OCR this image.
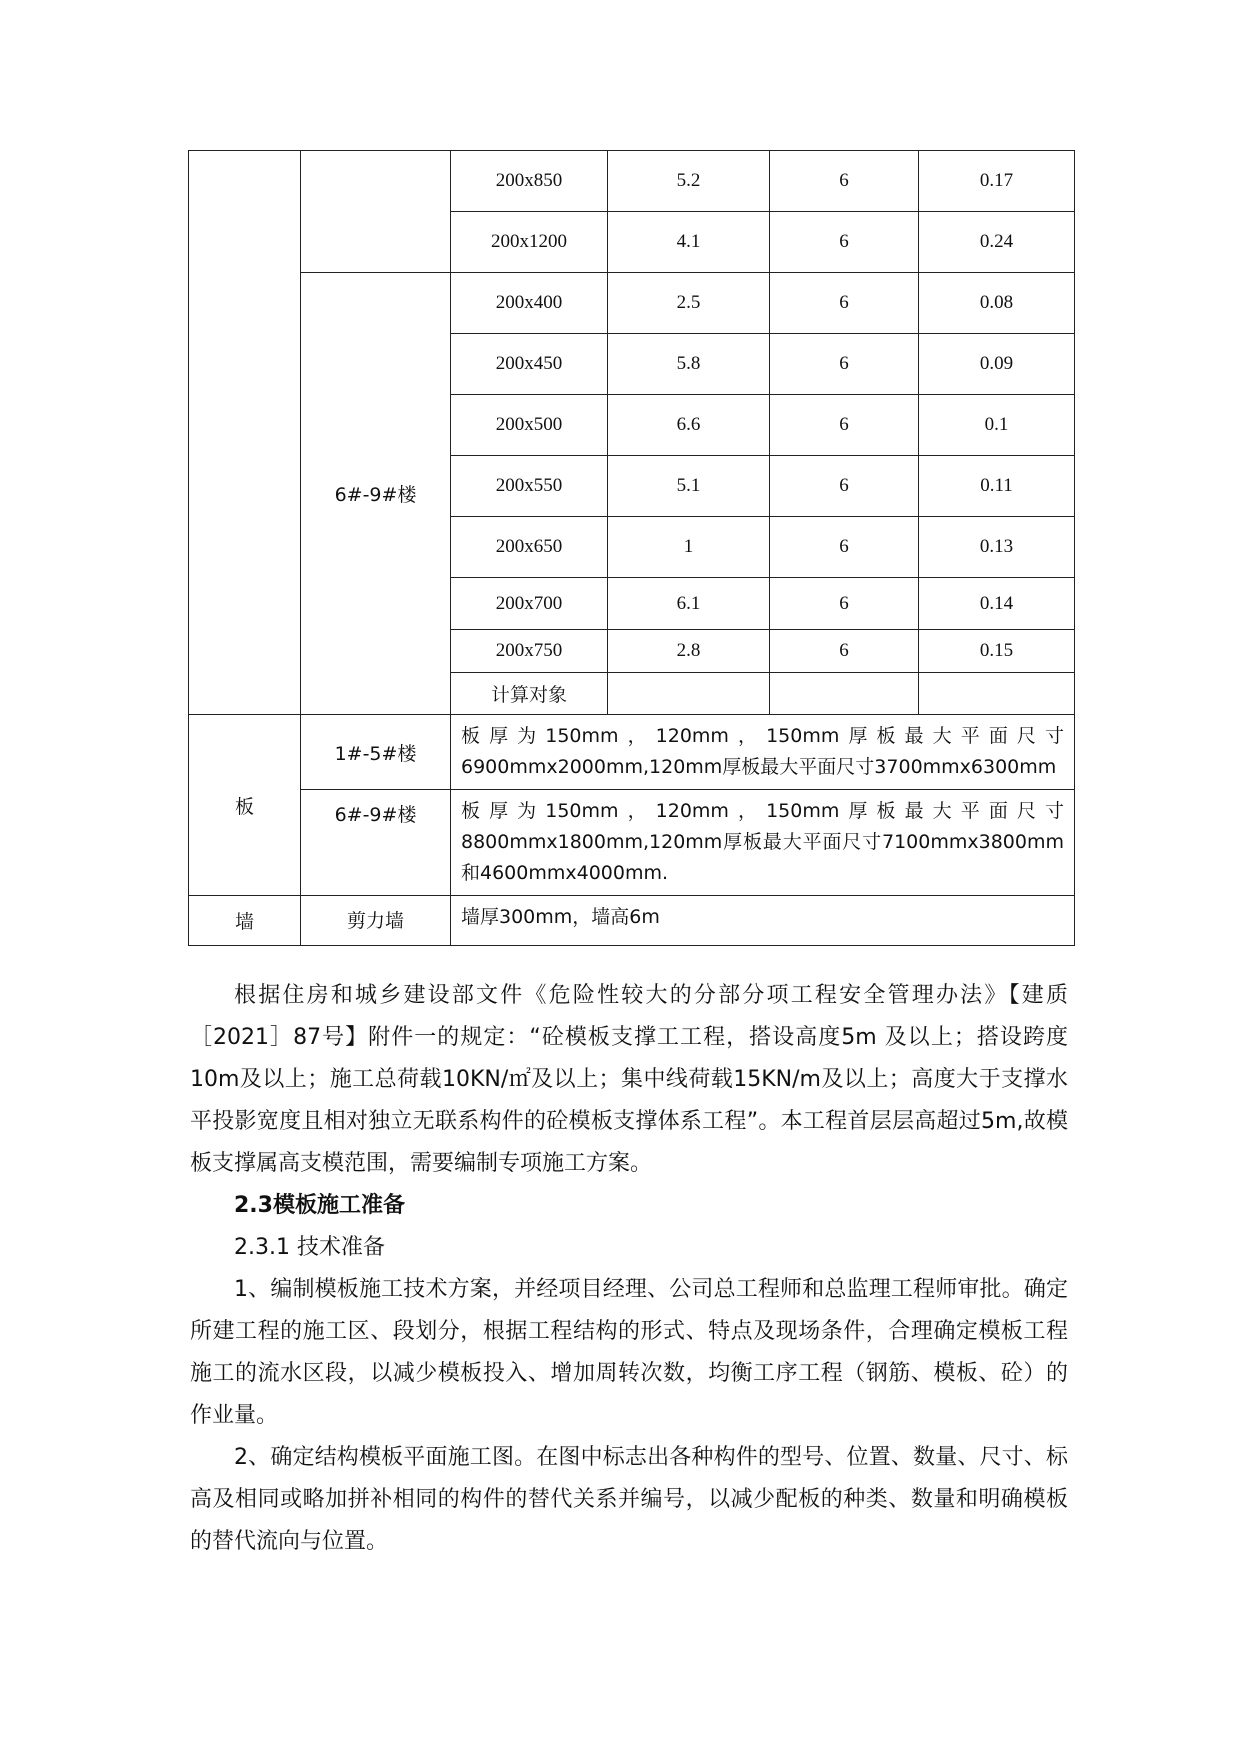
		200x850	5.2	6	0.17	
		200x1200	4.1	6	0.24	
	6#-9#楼	200x400	2.5	6	0.08	
		200x450	5.8	6	0.09	
		200x500	6.6	6	0.1	
		200x550	5.1	6	0.11	
		200x650	1	6	0.13	
		200x700	6.1	6	0.14	
		200x750	2.8	6	0.15	
		计算对象				

板	1#-5#楼	板厚为150mm，120mm，150mm厚板最大平面尺寸6900mmx2000mm,120mm厚板最大平面尺寸3700mmx6300mm				
	6#-9#楼	板厚为150mm，120mm，150mm厚板最大平面尺寸8800mmx1800mm,120mm厚板最大平面尺寸7100mmx3800mm和4600mmx4000mm.				
墙	剪力墙	墙厚300mm，墙高6m				

根据住房和城乡建设部文件《危险性较大的分部分项工程安全管理办法》【建质［2021］87号】附件一的规定：“砼模板支撑工工程，搭设高度5m 及以上；搭设跨度10m及以上；施工总荷载10KN/㎡及以上；集中线荷载15KN/m及以上；高度大于支撑水平投影宽度且相对独立无联系构件的砼模板支撑体系工程”。本工程首层层高超过5m,故模板支撑属高支模范围，需要编制专项施工方案。

2.3模板施工准备

2.3.1 技术准备

1、编制模板施工技术方案，并经项目经理、公司总工程师和总监理工程师审批。确定所建工程的施工区、段划分，根据工程结构的形式、特点及现场条件，合理确定模板工程施工的流水区段，以减少模板投入、增加周转次数，均衡工序工程（钢筋、模板、砼）的作业量。

2、确定结构模板平面施工图。在图中标志出各种构件的型号、位置、数量、尺寸、标高及相同或略加拼补相同的构件的替代关系并编号，以减少配板的种类、数量和明确模板的替代流向与位置。
